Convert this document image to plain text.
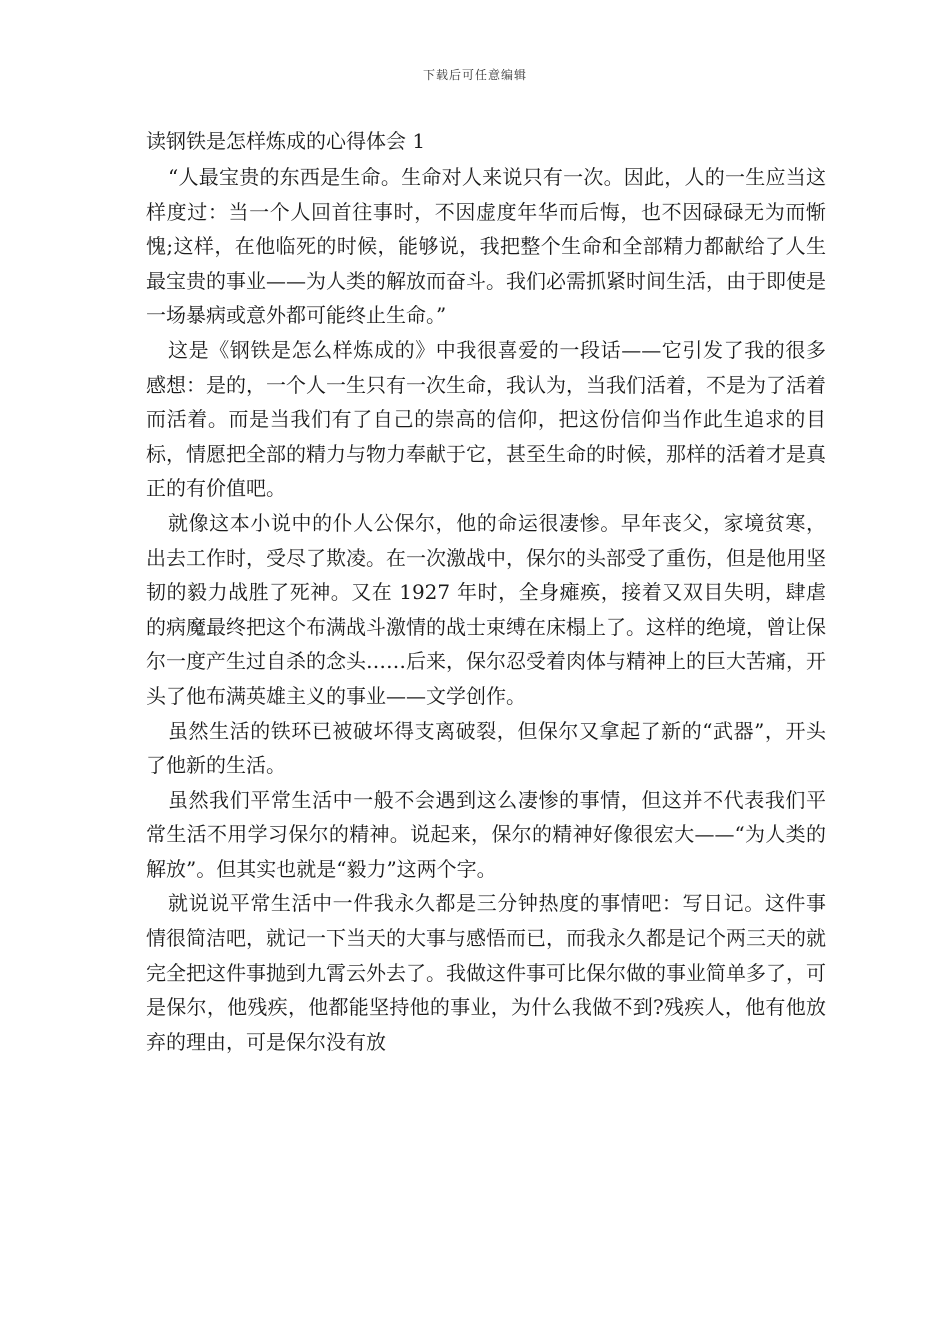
下载后可任意编辑
读钢铁是怎样炼成的心得体会 1

“人最宝贵的东西是生命。生命对人来说只有一次。因此，人的一生应当这样度过：当一个人回首往事时，不因虚度年华而后悔，也不因碌碌无为而惭愧;这样，在他临死的时候，能够说，我把整个生命和全部精力都献给了人生最宝贵的事业——为人类的解放而奋斗。我们必需抓紧时间生活，由于即使是一场暴病或意外都可能终止生命。”

这是《钢铁是怎么样炼成的》中我很喜爱的一段话——它引发了我的很多感想：是的，一个人一生只有一次生命，我认为，当我们活着，不是为了活着而活着。而是当我们有了自己的崇高的信仰，把这份信仰当作此生追求的目标，情愿把全部的精力与物力奉献于它，甚至生命的时候，那样的活着才是真正的有价值吧。

就像这本小说中的仆人公保尔，他的命运很凄惨。早年丧父，家境贫寒，出去工作时，受尽了欺凌。在一次激战中，保尔的头部受了重伤，但是他用坚韧的毅力战胜了死神。又在 1927 年时，全身瘫痪，接着又双目失明，肆虐的病魔最终把这个布满战斗激情的战士束缚在床榻上了。这样的绝境，曾让保尔一度产生过自杀的念头……后来，保尔忍受着肉体与精神上的巨大苦痛，开头了他布满英雄主义的事业——文学创作。

虽然生活的铁环已被破坏得支离破裂，但保尔又拿起了新的“武器”，开头了他新的生活。

虽然我们平常生活中一般不会遇到这么凄惨的事情，但这并不代表我们平常生活不用学习保尔的精神。说起来，保尔的精神好像很宏大——“为人类的解放”。但其实也就是“毅力”这两个字。

就说说平常生活中一件我永久都是三分钟热度的事情吧：写日记。这件事情很简洁吧，就记一下当天的大事与感悟而已，而我永久都是记个两三天的就完全把这件事抛到九霄云外去了。我做这件事可比保尔做的事业简单多了，可是保尔，他残疾，他都能坚持他的事业，为什么我做不到?残疾人，他有他放弃的理由，可是保尔没有放
